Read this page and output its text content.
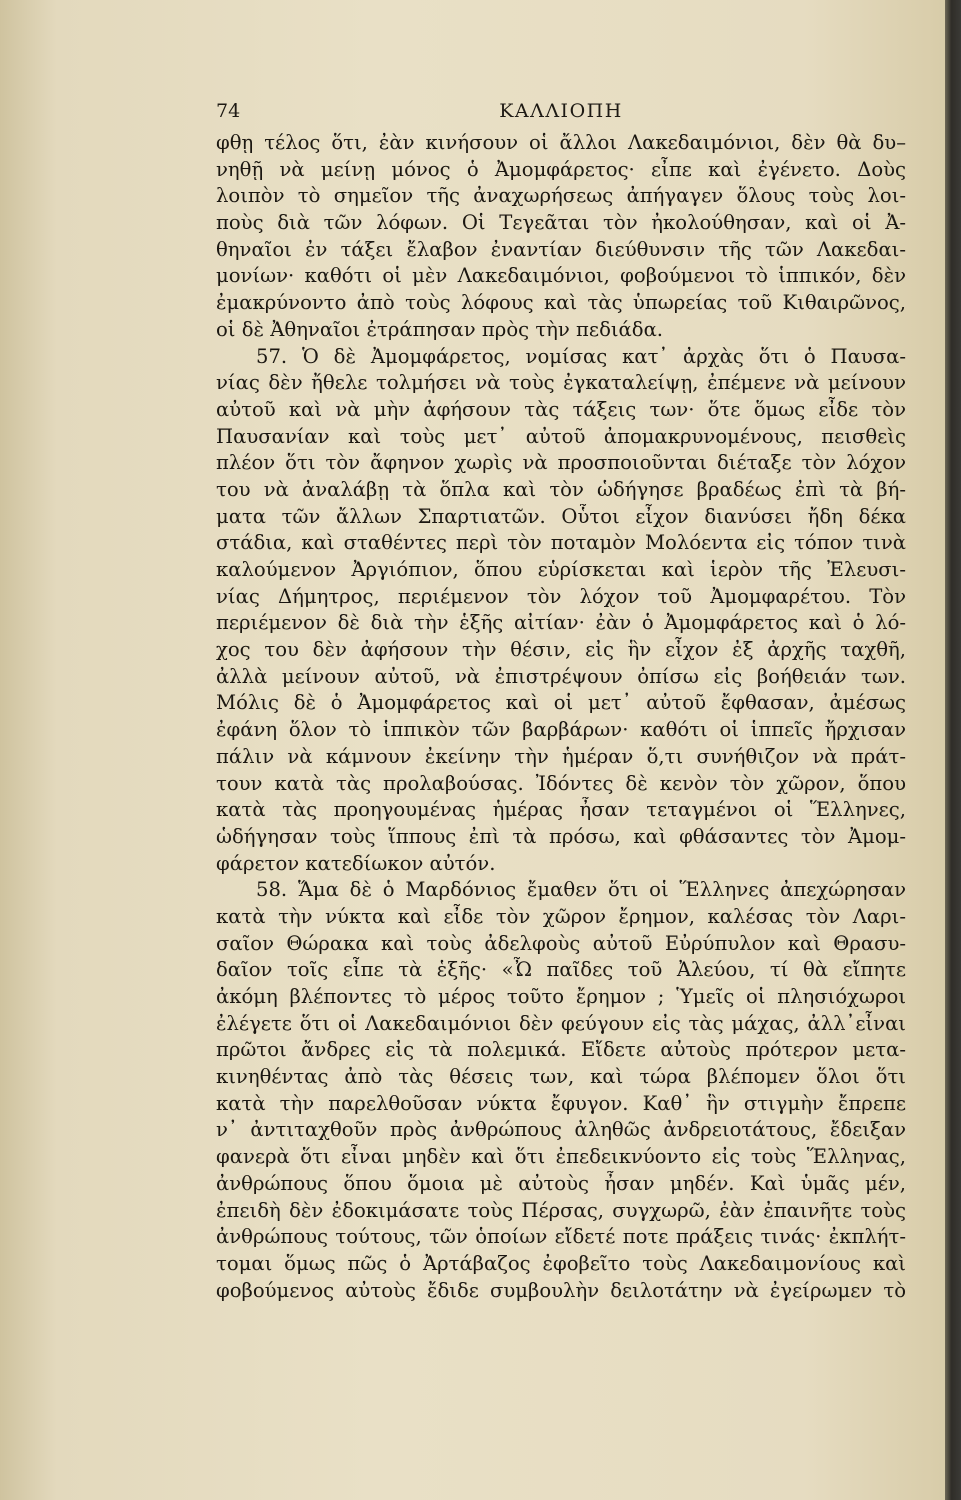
74	ΚΑΛΛΙΟΠΗ
φθῃ τέλος ὅτι, ἐὰν κινήσουν οἱ ἄλλοι Λακεδαιμόνιοι, δὲν θὰ δυ–
νηθῇ νὰ μείνῃ μόνος ὁ Ἀμομφάρετος· εἶπε καὶ ἐγένετο. Δοὺς
λοιπὸν τὸ σημεῖον τῆς ἀναχωρήσεως ἀπήγαγεν ὅλους τοὺς λοι-
ποὺς διὰ τῶν λόφων. Οἱ Τεγεᾶται τὸν ἠκολούθησαν, καὶ οἱ Ἀ-
θηναῖοι ἐν τάξει ἔλαβον ἐναντίαν διεύθυνσιν τῆς τῶν Λακεδαι-
μονίων· καθότι οἱ μὲν Λακεδαιμόνιοι, φοβούμενοι τὸ ἱππικόν, δὲν
ἐμακρύνοντο ἀπὸ τοὺς λόφους καὶ τὰς ὑπωρείας τοῦ Κιθαιρῶνος,
οἱ δὲ Ἀθηναῖοι ἐτράπησαν πρὸς τὴν πεδιάδα.
57. Ὁ δὲ Ἀμομφάρετος, νομίσας κατ᾽ ἀρχὰς ὅτι ὁ Παυσα-
νίας δὲν ἤθελε τολμήσει νὰ τοὺς ἐγκαταλείψῃ, ἐπέμενε νὰ μείνουν
αὐτοῦ καὶ νὰ μὴν ἀφήσουν τὰς τάξεις των· ὅτε ὅμως εἶδε τὸν
Παυσανίαν καὶ τοὺς μετ᾽ αὐτοῦ ἀπομακρυνομένους, πεισθεὶς
πλέον ὅτι τὸν ἄφηνον χωρὶς νὰ προσποιοῦνται διέταξε τὸν λόχον
του νὰ ἀναλάβῃ τὰ ὅπλα καὶ τὸν ὡδήγησε βραδέως ἐπὶ τὰ βή-
ματα τῶν ἄλλων Σπαρτιατῶν. Οὗτοι εἶχον διανύσει ἤδη δέκα
στάδια, καὶ σταθέντες περὶ τὸν ποταμὸν Μολόεντα εἰς τόπον τινὰ
καλούμενον Ἀργιόπιον, ὅπου εὑρίσκεται καὶ ἱερὸν τῆς Ἐλευσι-
νίας Δήμητρος, περιέμενον τὸν λόχον τοῦ Ἀμομφαρέτου. Τὸν
περιέμενον δὲ διὰ τὴν ἑξῆς αἰτίαν· ἐὰν ὁ Ἀμομφάρετος καὶ ὁ λό-
χος του δὲν ἀφήσουν τὴν θέσιν, εἰς ἣν εἶχον ἐξ ἀρχῆς ταχθῆ,
ἀλλὰ μείνουν αὐτοῦ, νὰ ἐπιστρέψουν ὀπίσω εἰς βοήθειάν των.
Μόλις δὲ ὁ Ἀμομφάρετος καὶ οἱ μετ᾽ αὐτοῦ ἔφθασαν, ἀμέσως
ἐφάνη ὅλον τὸ ἱππικὸν τῶν βαρβάρων· καθότι οἱ ἱππεῖς ἤρχισαν
πάλιν νὰ κάμνουν ἐκείνην τὴν ἡμέραν ὅ,τι συνήθιζον νὰ πράτ-
τουν κατὰ τὰς προλαβούσας. Ἰδόντες δὲ κενὸν τὸν χῶρον, ὅπου
κατὰ τὰς προηγουμένας ἡμέρας ἦσαν τεταγμένοι οἱ Ἕλληνες,
ὡδήγησαν τοὺς ἵππους ἐπὶ τὰ πρόσω, καὶ φθάσαντες τὸν Ἀμομ-
φάρετον κατεδίωκον αὐτόν.
58. Ἅμα δὲ ὁ Μαρδόνιος ἔμαθεν ὅτι οἱ Ἕλληνες ἀπεχώρησαν
κατὰ τὴν νύκτα καὶ εἶδε τὸν χῶρον ἔρημον, καλέσας τὸν Λαρι-
σαῖον Θώρακα καὶ τοὺς ἀδελφοὺς αὐτοῦ Εὐρύπυλον καὶ Θρασυ-
δαῖον τοῖς εἶπε τὰ ἑξῆς· «Ὦ παῖδες τοῦ Ἀλεύου, τί θὰ εἴπητε
ἀκόμη βλέποντες τὸ μέρος τοῦτο ἔρημον ; Ὑμεῖς οἱ πλησιόχωροι
ἐλέγετε ὅτι οἱ Λακεδαιμόνιοι δὲν φεύγουν εἰς τὰς μάχας, ἀλλ᾽εἶναι
πρῶτοι ἄνδρες εἰς τὰ πολεμικά. Εἴδετε αὐτοὺς πρότερον μετα-
κινηθέντας ἀπὸ τὰς θέσεις των, καὶ τώρα βλέπομεν ὅλοι ὅτι
κατὰ τὴν παρελθοῦσαν νύκτα ἔφυγον. Καθ᾽ ἣν στιγμὴν ἔπρεπε
ν᾽ ἀντιταχθοῦν πρὸς ἀνθρώπους ἀληθῶς ἀνδρειοτάτους, ἔδειξαν
φανερὰ ὅτι εἶναι μηδὲν καὶ ὅτι ἐπεδεικνύοντο εἰς τοὺς Ἕλληνας,
ἀνθρώπους ὅπου ὅμοια μὲ αὐτοὺς ἦσαν μηδέν. Καὶ ὑμᾶς μέν,
ἐπειδὴ δὲν ἐδοκιμάσατε τοὺς Πέρσας, συγχωρῶ, ἐὰν ἐπαινῆτε τοὺς
ἀνθρώπους τούτους, τῶν ὁποίων εἴδετέ ποτε πράξεις τινάς· ἐκπλήτ-
τομαι ὅμως πῶς ὁ Ἀρτάβαζος ἐφοβεῖτο τοὺς Λακεδαιμονίους καὶ
φοβούμενος αὐτοὺς ἔδιδε συμβουλὴν δειλοτάτην νὰ ἐγείρωμεν τὸ
